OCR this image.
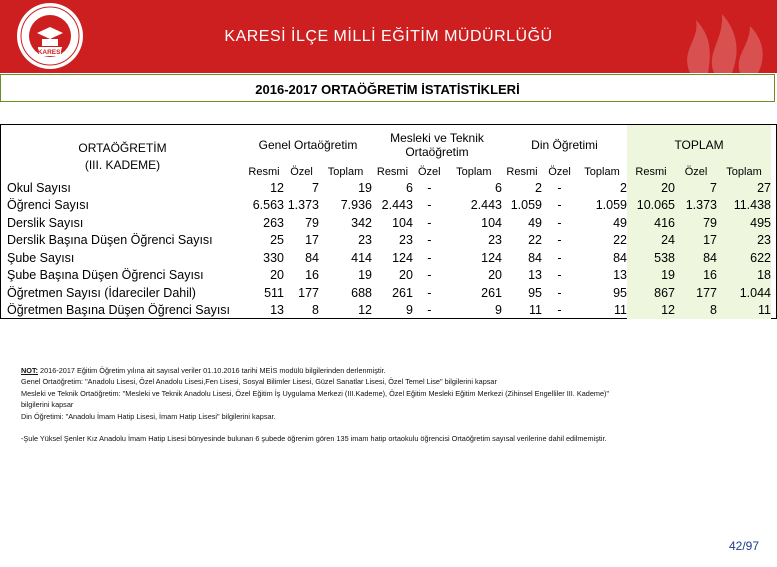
KARESİ
KARESİ İLÇE MİLLİ EĞİTİM MÜDÜRLÜĞÜ
2016-2017 ORTAÖĞRETİM İSTATİSTİKLERİ
ORTAÖĞRETİM
(III. KADEME)	Genel Ortaöğretim			Mesleki ve Teknik Ortaöğretim			Din Öğretimi			TOPLAM		
	Resmi	Özel	Toplam	Resmi	Özel	Toplam	Resmi	Özel	Toplam	Resmi	Özel	Toplam
Okul Sayısı	12	7	19	6	-	6	2	-	2	20	7	27
Öğrenci Sayısı	6.563	1.373	7.936	2.443	-	2.443	1.059	-	1.059	10.065	1.373	11.438
Derslik Sayısı	263	79	342	104	-	104	49	-	49	416	79	495
Derslik Başına Düşen Öğrenci Sayısı	25	17	23	23	-	23	22	-	22	24	17	23
Şube Sayısı	330	84	414	124	-	124	84	-	84	538	84	622
Şube Başına Düşen Öğrenci Sayısı	20	16	19	20	-	20	13	-	13	19	16	18
Öğretmen Sayısı (İdareciler Dahil)	511	177	688	261	-	261	95	-	95	867	177	1.044
Öğretmen Başına Düşen Öğrenci Sayısı	13	8	12	9	-	9	11	-	11	12	8	11

NOT: 2016-2017 Eğitim Öğretim yılına ait sayısal veriler 01.10.2016 tarihi MEİS modülü bilgilerinden derlenmiştir.

Genel Ortaöğretim: "Anadolu Lisesi, Özel Anadolu Lisesi,Fen Lisesi, Sosyal Bilimler Lisesi, Güzel Sanatlar Lisesi, Özel Temel Lise" bilgilerini kapsar

Mesleki ve Teknik Ortaöğretim: "Mesleki ve Teknik Anadolu Lisesi, Özel Eğitim İş Uygulama Merkezi (III.Kademe), Özel Eğitim Mesleki Eğitim Merkezi (Zihinsel Engelliler III. Kademe)"

bilgilerini kapsar

Din Öğretimi: "Anadolu İmam Hatip Lisesi, İmam Hatip Lisesi" bilgilerini kapsar.

-Şule Yüksel Şenler Kız Anadolu İmam Hatip Lisesi bünyesinde bulunan 6 şubede öğrenim gören 135 imam hatip ortaokulu öğrencisi Ortaöğretim sayısal verilerine dahil edilmemiştir.

42/97
